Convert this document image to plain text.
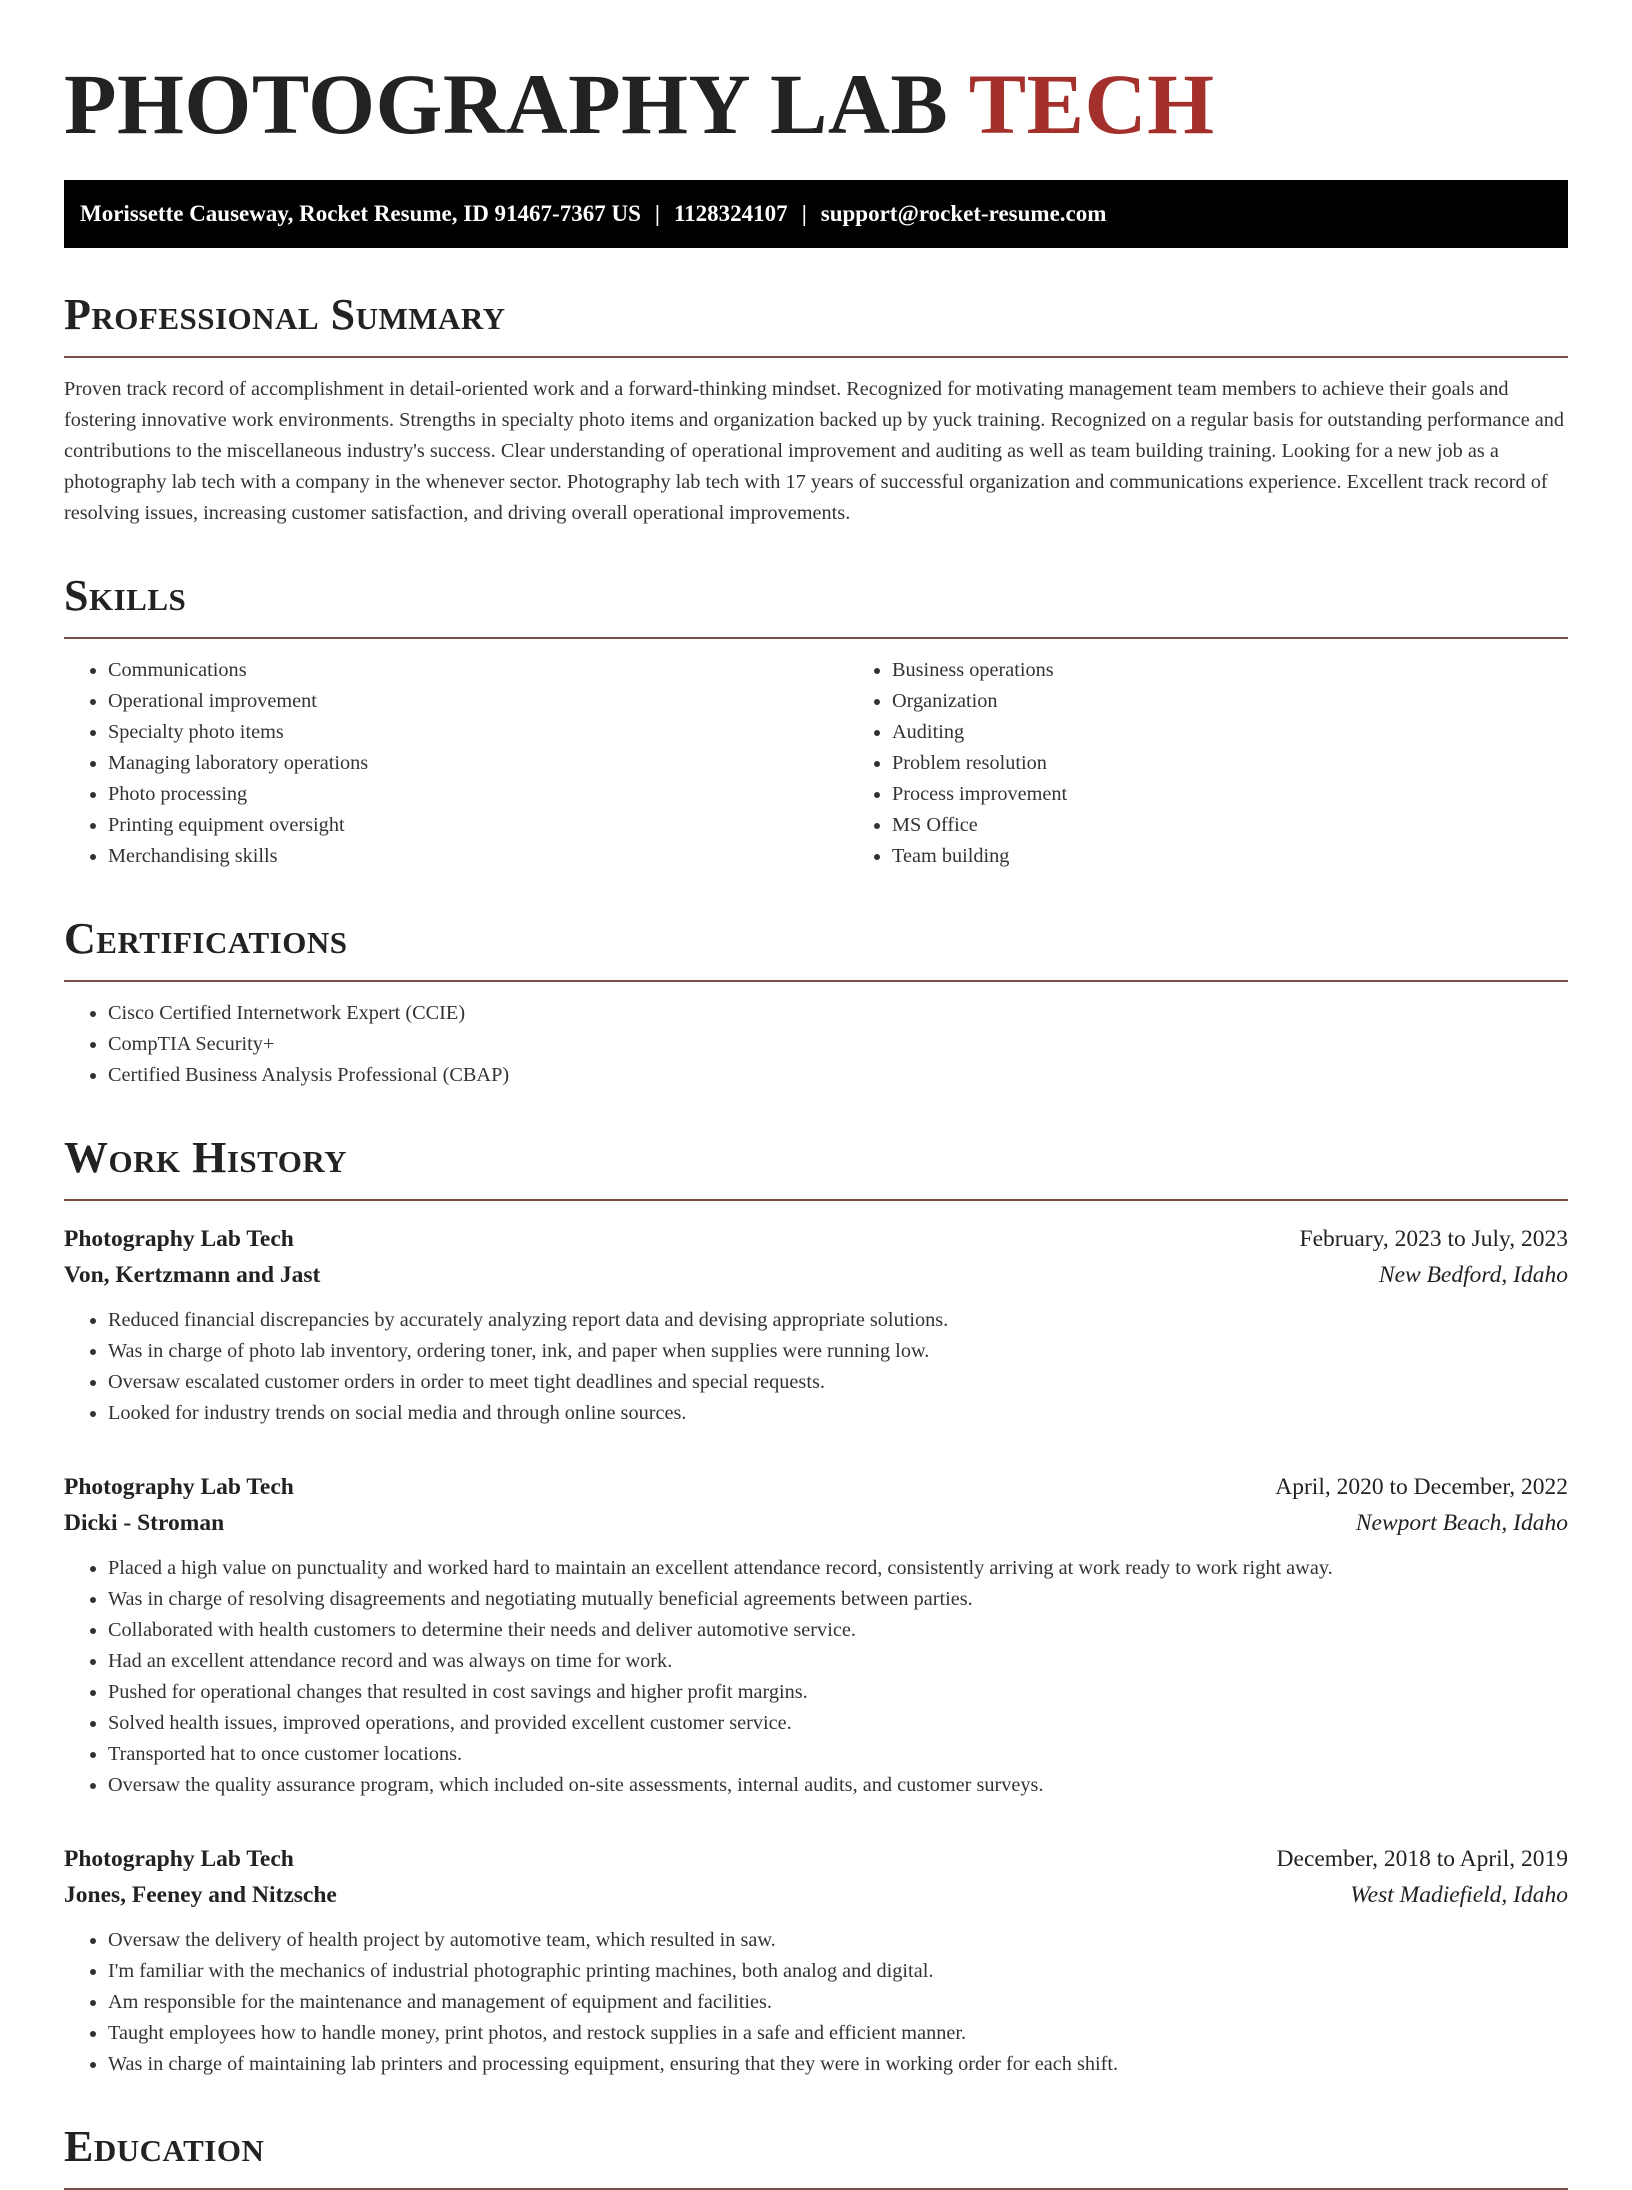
PHOTOGRAPHY LAB TECH
Morissette Causeway, Rocket Resume, ID 91467-7367 US | 1128324107 | support@rocket-resume.com
Professional Summary

Proven track record of accomplishment in detail-oriented work and a forward-thinking mindset. Recognized for motivating management team members to achieve their goals and fostering innovative work environments. Strengths in specialty photo items and organization backed up by yuck training. Recognized on a regular basis for outstanding performance and contributions to the miscellaneous industry's success. Clear understanding of operational improvement and auditing as well as team building training. Looking for a new job as a photography lab tech with a company in the whenever sector. Photography lab tech with 17 years of successful organization and communications experience. Excellent track record of resolving issues, increasing customer satisfaction, and driving overall operational improvements.

Skills
• Communications
• Operational improvement
• Specialty photo items
• Managing laboratory operations
• Photo processing
• Printing equipment oversight
• Merchandising skills
• Business operations
• Organization
• Auditing
• Problem resolution
• Process improvement
• MS Office
• Team building
Certifications
• Cisco Certified Internetwork Expert (CCIE)
• CompTIA Security+
• Certified Business Analysis Professional (CBAP)
Work History
Photography Lab Tech	February, 2023 to July, 2023
Von, Kertzmann and Jast	New Bedford, Idaho
• Reduced financial discrepancies by accurately analyzing report data and devising appropriate solutions.
• Was in charge of photo lab inventory, ordering toner, ink, and paper when supplies were running low.
• Oversaw escalated customer orders in order to meet tight deadlines and special requests.
• Looked for industry trends on social media and through online sources.
Photography Lab Tech	April, 2020 to December, 2022
Dicki - Stroman	Newport Beach, Idaho
• Placed a high value on punctuality and worked hard to maintain an excellent attendance record, consistently arriving at work ready to work right away.
• Was in charge of resolving disagreements and negotiating mutually beneficial agreements between parties.
• Collaborated with health customers to determine their needs and deliver automotive service.
• Had an excellent attendance record and was always on time for work.
• Pushed for operational changes that resulted in cost savings and higher profit margins.
• Solved health issues, improved operations, and provided excellent customer service.
• Transported hat to once customer locations.
• Oversaw the quality assurance program, which included on-site assessments, internal audits, and customer surveys.
Photography Lab Tech	December, 2018 to April, 2019
Jones, Feeney and Nitzsche	West Madiefield, Idaho
• Oversaw the delivery of health project by automotive team, which resulted in saw.
• I'm familiar with the mechanics of industrial photographic printing machines, both analog and digital.
• Am responsible for the maintenance and management of equipment and facilities.
• Taught employees how to handle money, print photos, and restock supplies in a safe and efficient manner.
• Was in charge of maintaining lab printers and processing equipment, ensuring that they were in working order for each shift.
Education
